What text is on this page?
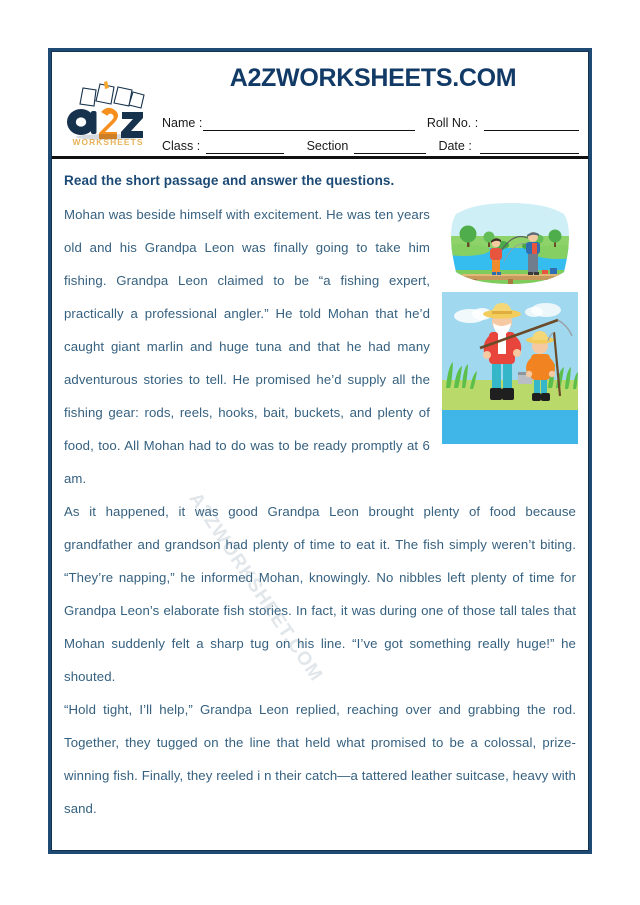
WORKSHEETS
A2ZWORKSHEETS.COM
Name :	Roll No. :
Class :	Section	Date :
Read the short passage and answer the questions.

Mohan was beside himself with excitement. He was ten years old and his Grandpa Leon was finally going to take him fishing. Grandpa Leon claimed to be “a fishing expert, practically a professional angler.” He told Mohan that he’d caught giant marlin and huge tuna and that he had many adventurous stories to tell. He promised he’d supply all the fishing gear: rods, reels, hooks, bait, buckets, and plenty of food, too. All Mohan had to do was to be ready promptly at 6 am.

As it happened, it was good Grandpa Leon brought plenty of food because grandfather and grandson had plenty of time to eat it. The fish simply weren’t biting. “They’re napping,” he informed Mohan, knowingly. No nibbles left plenty of time for Grandpa Leon’s elaborate fish stories. In fact, it was during one of those tall tales that Mohan suddenly felt a sharp tug on his line. “I’ve got something really huge!” he shouted.

“Hold tight, I’ll help,” Grandpa Leon replied, reaching over and grabbing the rod. Together, they tugged on the line that held what promised to be a colossal, prize-winning fish. Finally, they reeled i n their catch—a tattered leather suitcase, heavy with sand.

A2ZWORKSHEET.COM
